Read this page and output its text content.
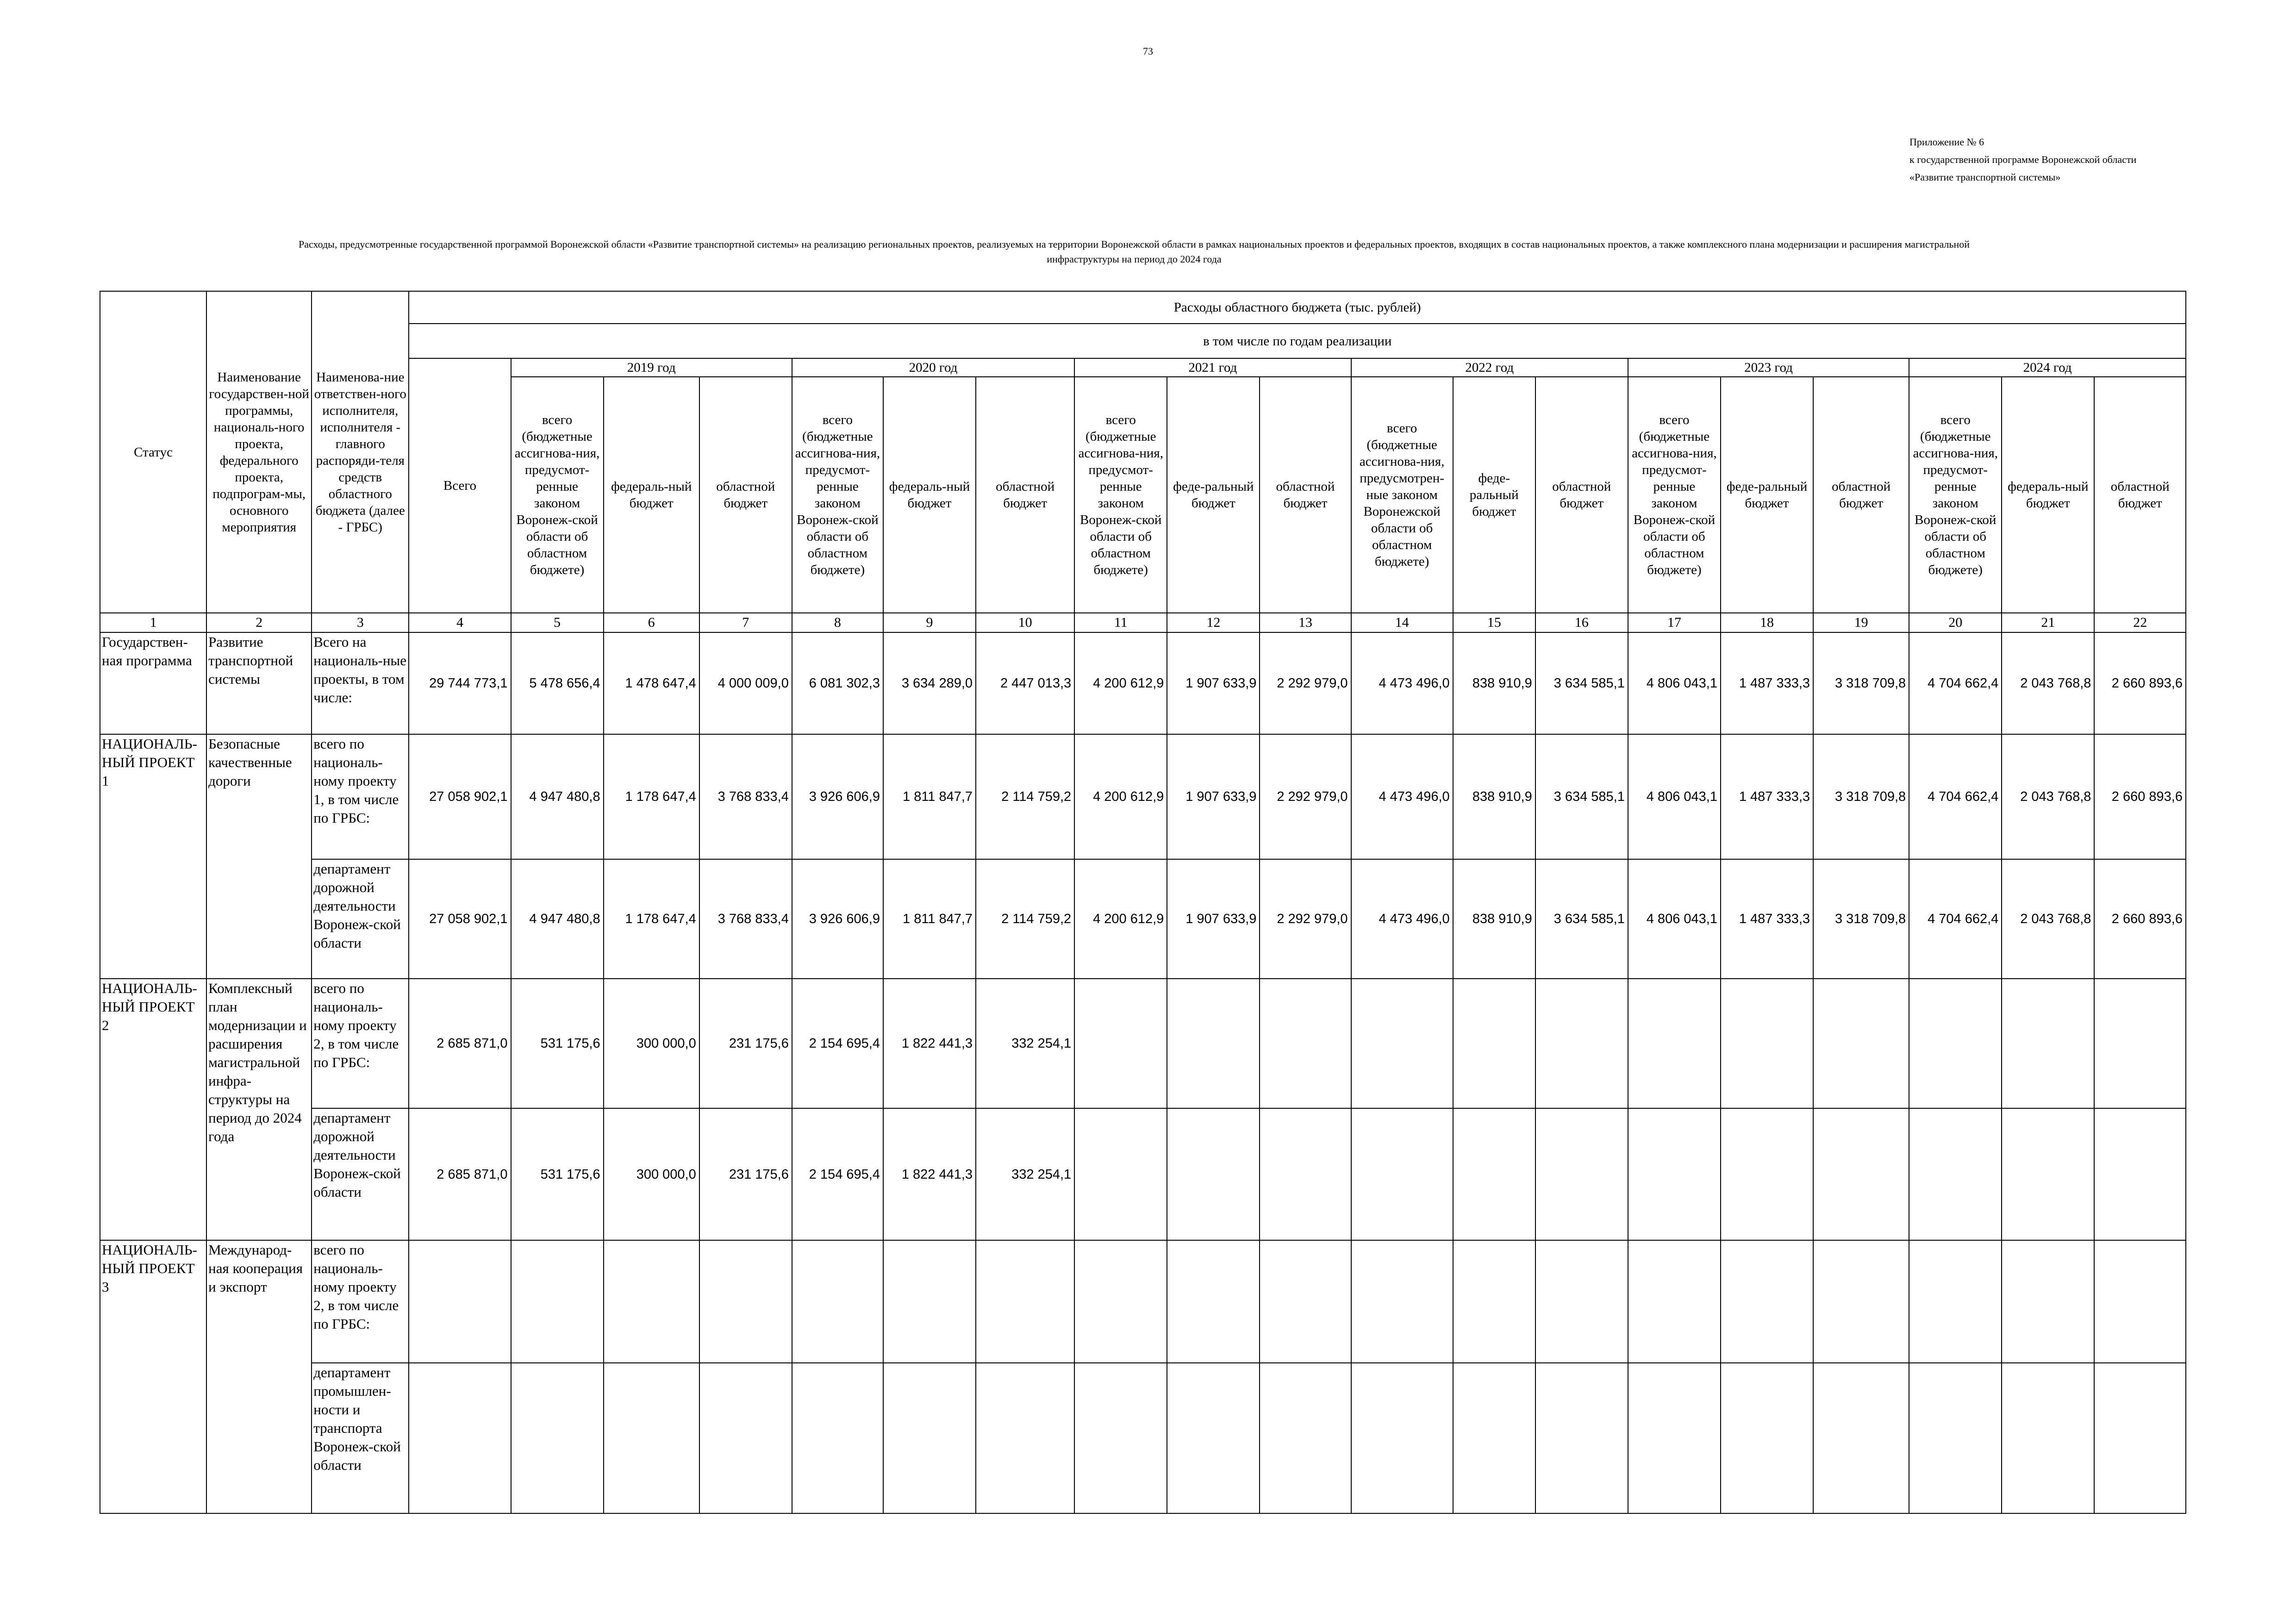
73
Приложение № 6
к государственной программе Воронежской области
«Развитие транспортной системы»
Расходы, предусмотренные государственной программой Воронежской области «Развитие транспортной системы» на реализацию региональных проектов, реализуемых на территории Воронежской области в рамках национальных проектов и федеральных проектов, входящих в состав национальных проектов, а также комплексного плана модернизации и расширения магистральной
инфраструктуры на период до 2024 года
Статус	Наименование государствен-ной программы, националь-ного проекта, федерального проекта, подпрограм-мы, основного мероприятия	Наименова-ние ответствен-ного исполнителя, исполнителя - главного распоряди-теля средств областного бюджета (далее - ГРБС)	Расходы областного бюджета (тыс. рублей)																		
			в том числе по годам реализации																		
			Всего	2019 год			2020 год			2021 год			2022 год			2023 год			2024 год		
				всего (бюджетные ассигнова-ния, предусмот-ренные законом Воронеж-ской области об областном бюджете)	федераль-ный бюджет	областной бюджет	всего (бюджетные ассигнова-ния, предусмот-ренные законом Воронеж-ской области об областном бюджете)	федераль-ный бюджет	областной бюджет	всего (бюджетные ассигнова-ния, предусмот-ренные законом Воронеж-ской области об областном бюджете)	феде-ральный бюджет	областной бюджет	всего (бюджетные ассигнова-ния, предусмотрен-ные законом Воронежской области об областном бюджете)	феде-ральный бюджет	областной бюджет	всего (бюджетные ассигнова-ния, предусмот-ренные законом Воронеж-ской области об областном бюджете)	феде-ральный бюджет	областной бюджет	всего (бюджетные ассигнова-ния, предусмот-ренные законом Воронеж-ской области об областном бюджете)	федераль-ный бюджет	областной бюджет
1	2	3	4	5	6	7	8	9	10	11	12	13	14	15	16	17	18	19	20	21	22
Государствен-ная программа	Развитие транспортной системы	Всего на националь-ные проекты, в том числе:	29 744 773,1	5 478 656,4	1 478 647,4	4 000 009,0	6 081 302,3	3 634 289,0	2 447 013,3	4 200 612,9	1 907 633,9	2 292 979,0	4 473 496,0	838 910,9	3 634 585,1	4 806 043,1	1 487 333,3	3 318 709,8	4 704 662,4	2 043 768,8	2 660 893,6
НАЦИОНАЛЬ-НЫЙ ПРОЕКТ 1	Безопасные качественные дороги	всего по националь-ному проекту 1, в том числе по ГРБС:	27 058 902,1	4 947 480,8	1 178 647,4	3 768 833,4	3 926 606,9	1 811 847,7	2 114 759,2	4 200 612,9	1 907 633,9	2 292 979,0	4 473 496,0	838 910,9	3 634 585,1	4 806 043,1	1 487 333,3	3 318 709,8	4 704 662,4	2 043 768,8	2 660 893,6
		департамент дорожной деятельности Воронеж-ской области	27 058 902,1	4 947 480,8	1 178 647,4	3 768 833,4	3 926 606,9	1 811 847,7	2 114 759,2	4 200 612,9	1 907 633,9	2 292 979,0	4 473 496,0	838 910,9	3 634 585,1	4 806 043,1	1 487 333,3	3 318 709,8	4 704 662,4	2 043 768,8	2 660 893,6
НАЦИОНАЛЬ-НЫЙ ПРОЕКТ 2	Комплексный план модернизации и расширения магистральной инфра-структуры на период до 2024 года	всего по националь-ному проекту 2, в том числе по ГРБС:	2 685 871,0	531 175,6	300 000,0	231 175,6	2 154 695,4	1 822 441,3	332 254,1												
		департамент дорожной деятельности Воронеж-ской области	2 685 871,0	531 175,6	300 000,0	231 175,6	2 154 695,4	1 822 441,3	332 254,1												
НАЦИОНАЛЬ-НЫЙ ПРОЕКТ 3	Международ-ная кооперация и экспорт	всего по националь-ному проекту 2, в том числе по ГРБС:																			
		департамент промышлен-ности и транспорта Воронеж-ской области																			
